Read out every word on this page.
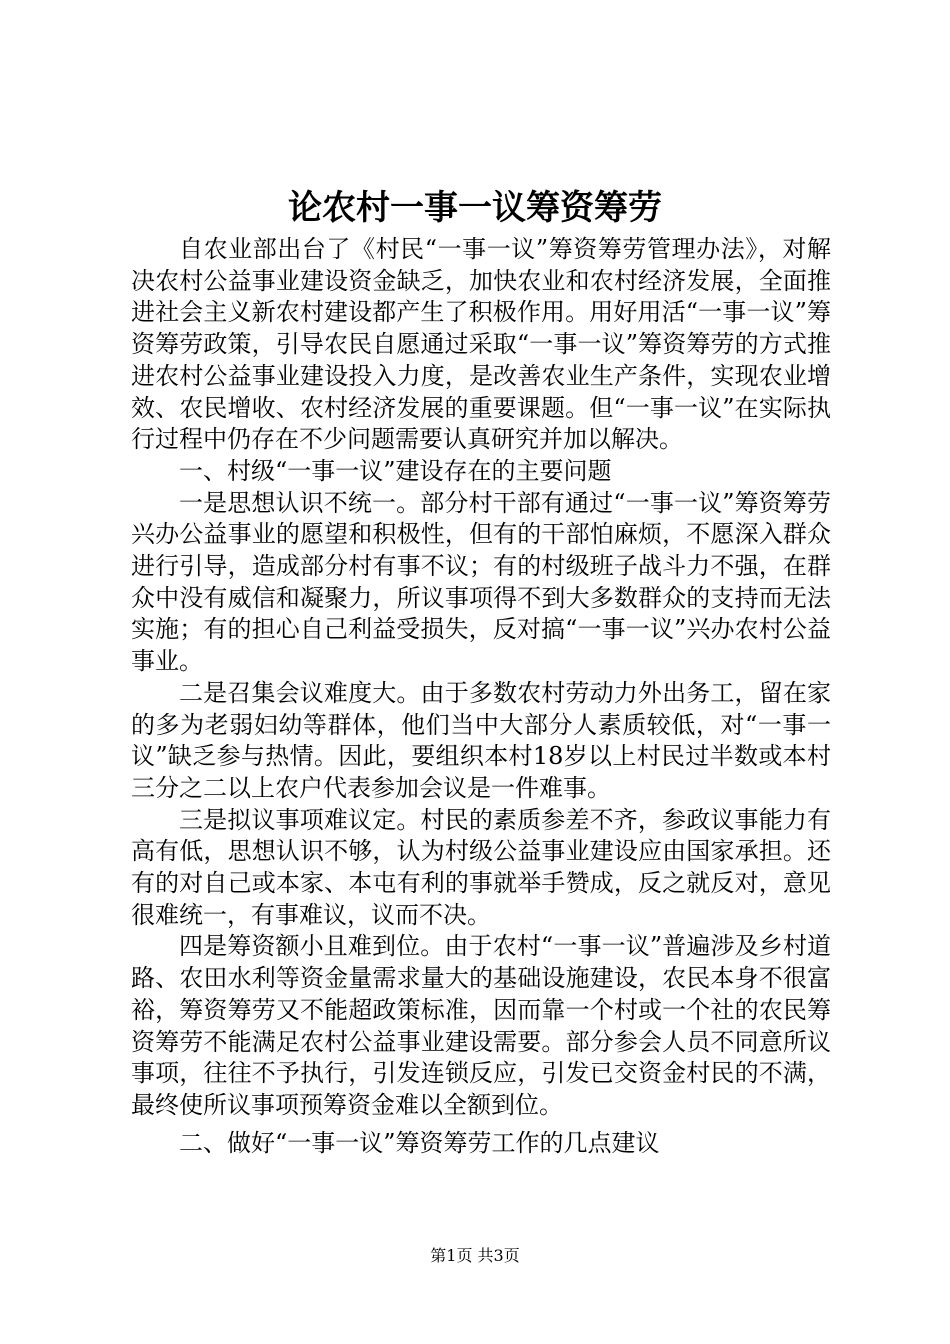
论农村一事一议筹资筹劳

自农业部出台了《村民“一事一议”筹资筹劳管理办法》，对解决农村公益事业建设资金缺乏，加快农业和农村经济发展，全面推进社会主义新农村建设都产生了积极作用。用好用活“一事一议”筹资筹劳政策，引导农民自愿通过采取“一事一议”筹资筹劳的方式推进农村公益事业建设投入力度，是改善农业生产条件，实现农业增效、农民增收、农村经济发展的重要课题。但“一事一议”在实际执行过程中仍存在不少问题需要认真研究并加以解决。

一、村级“一事一议”建设存在的主要问题

一是思想认识不统一。部分村干部有通过“一事一议”筹资筹劳兴办公益事业的愿望和积极性，但有的干部怕麻烦，不愿深入群众进行引导，造成部分村有事不议；有的村级班子战斗力不强，在群众中没有威信和凝聚力，所议事项得不到大多数群众的支持而无法实施；有的担心自己利益受损失，反对搞“一事一议”兴办农村公益事业。

二是召集会议难度大。由于多数农村劳动力外出务工，留在家的多为老弱妇幼等群体，他们当中大部分人素质较低，对“一事一议”缺乏参与热情。因此，要组织本村18岁以上村民过半数或本村三分之二以上农户代表参加会议是一件难事。

三是拟议事项难议定。村民的素质参差不齐，参政议事能力有高有低，思想认识不够，认为村级公益事业建设应由国家承担。还有的对自己或本家、本屯有利的事就举手赞成，反之就反对，意见很难统一，有事难议，议而不决。

四是筹资额小且难到位。由于农村“一事一议”普遍涉及乡村道路、农田水利等资金量需求量大的基础设施建设，农民本身不很富裕，筹资筹劳又不能超政策标准，因而靠一个村或一个社的农民筹资筹劳不能满足农村公益事业建设需要。部分参会人员不同意所议事项，往往不予执行，引发连锁反应，引发已交资金村民的不满，最终使所议事项预筹资金难以全额到位。

二、做好“一事一议”筹资筹劳工作的几点建议

第1页 共3页
